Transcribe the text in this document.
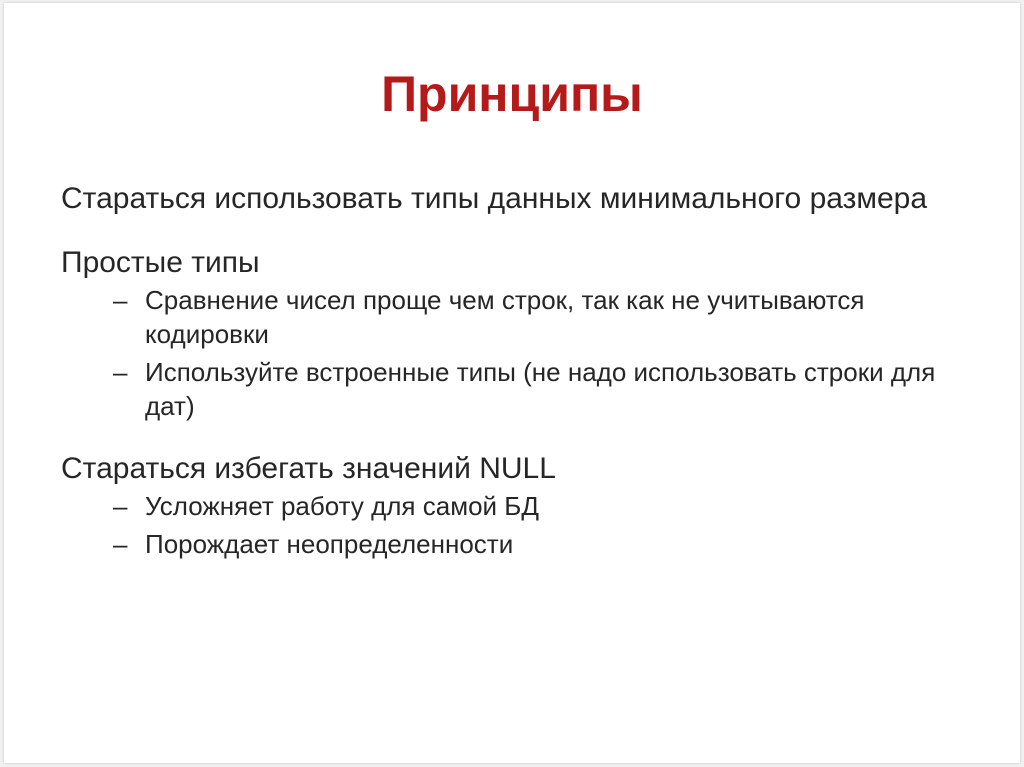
Принципы

Стараться использовать типы данных минимального размера

Простые типы

– Сравнение чисел проще чем строк, так как не учитываются кодировки
– Используйте встроенные типы (не надо использовать строки для дат)

Стараться избегать значений NULL

– Усложняет работу для самой БД
– Порождает неопределенности
